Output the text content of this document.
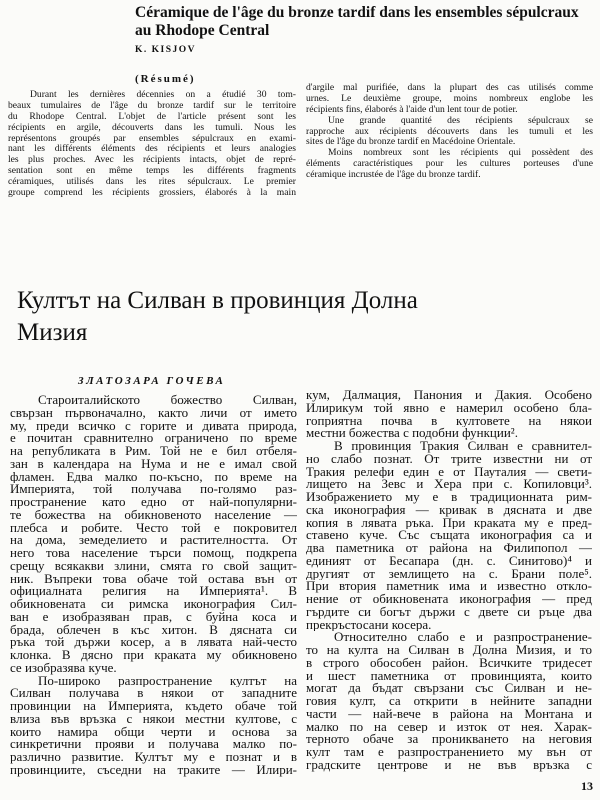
Céramique de l'âge du bronze tardif dans les ensembles sépulcraux au Rhodope Central
K. KISJOV
(Résumé)
Durant les dernières décennies on a étudié 30 tom-
beaux tumulaires de l'âge du bronze tardif sur le territoire
du Rhodope Central. L'objet de l'article présent sont les
récipients en argile, découverts dans les tumuli. Nous les
représentons groupés par ensembles sépulcraux en exami-
nant les différents éléments des récipients et leurs analogies
les plus proches. Avec les récipients intacts, objet de repré-
sentation sont en même temps les différents fragments
céramiques, utilisés dans les rites sépulcraux. Le premier
groupe comprend les récipients grossiers, élaborés à la main
d'argile mal purifiée, dans la plupart des cas utilisés comme
urnes. Le deuxième groupe, moins nombreux englobe les
récipients fins, élaborés à l'aide d'un lent tour de potier.
Une grande quantité des récipients sépulcraux se
rapproche aux récipients découverts dans les tumuli et les
sites de l'âge du bronze tardif en Macédoine Orientale.
Moins nombreux sont les récipients qui possèdent des
éléments caractéristiques pour les cultures porteuses d'une
céramique incrustée de l'âge du bronze tardif.
Култът на Силван в провинция Долна
Мизия
ЗЛАТОЗАРА ГОЧЕВА
Староиталийското божество Силван,
свързан първоначално, както личи от името
му, преди всичко с горите и дивата природа,
е почитан сравнително ограничено по време
на републиката в Рим. Той не е бил отбеля-
зан в календара на Нума и не е имал свой
фламен. Едва малко по-късно, по време на
Империята, той получава по-голямо раз-
пространение като едно от най-популярни-
те божества на обикновеното население —
плебса и робите. Често той е покровител
на дома, земеделието и растителността. От
него това население търси помощ, подкрепа
срещу всякакви злини, смята го свой защит-
ник. Въпреки това обаче той остава вън от
официалната религия на Империята¹. В
обикновената си римска иконография Сил-
ван е изобразяван прав, с буйна коса и
брада, облечен в къс хитон. В дясната си
ръка той държи косер, а в лявата най-често
клонка. В дясно при краката му обикновено
се изобразява куче.
По-широко разпространение култът на
Силван получава в някои от западните
провинции на Империята, където обаче той
влиза във връзка с някои местни култове, с
които намира общи черти и основа за
синкретични прояви и получава малко по-
различно развитие. Култът му е познат и в
провинциите, съседни на траките — Илири-
кум, Далмация, Панония и Дакия. Особено
Илирикум той явно е намерил особено бла-
гоприятна почва в култовете на някои
местни божества с подобни функции².
В провинция Тракия Силван е сравнител-
но слабо познат. От трите известни ни от
Тракия релефи един е от Пауталия — свети-
лището на Зевс и Хера при с. Копиловци³.
Изображението му е в традиционната рим-
ска иконография — кривак в дясната и две
копия в лявата ръка. При краката му е пред-
ставено куче. Със същата иконография са и
два паметника от района на Филипопол —
единият от Бесапара (дн. с. Синитово)⁴ и
другият от землището на с. Брани поле⁵.
При втория паметник има и известно откло-
нение от обикновената иконография — пред
гърдите си богът държи с двете си ръце два
прекръстосани косера.
Относително слабо е и разпространение-
то на култа на Силван в Долна Мизия, и то
в строго обособен район. Всичките тридесет
и шест паметника от провинцията, които
могат да бъдат свързани със Силван и не-
говия култ, са открити в нейните западни
части — най-вече в района на Монтана и
малко по на север и изток от нея. Харак-
терното обаче за проникването на неговия
култ там е разпространението му вън от
градските центрове и не във връзка с
13
